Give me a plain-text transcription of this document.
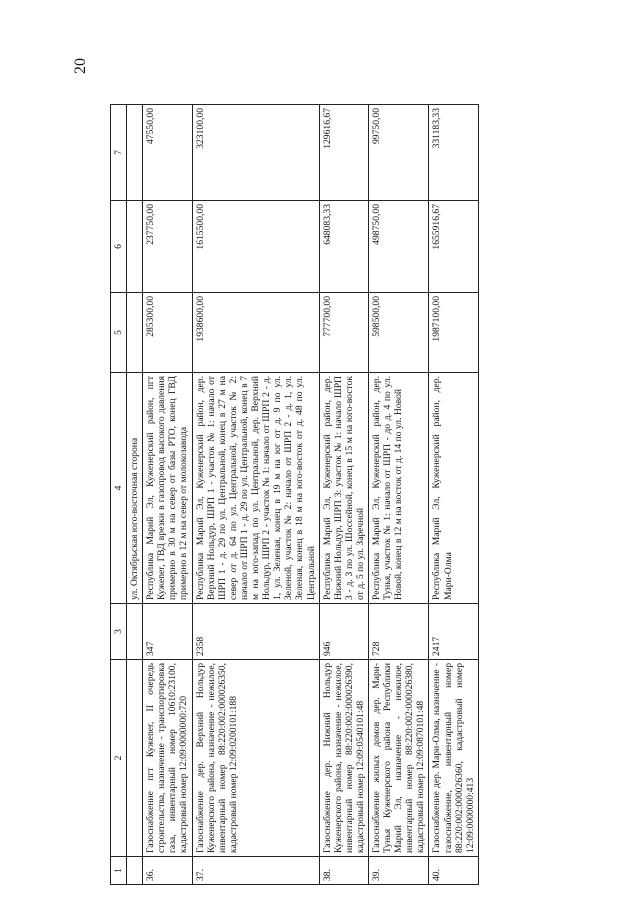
20
1	2	3	4	5	6	7
			ул. Октябрьская юго-восточная сторона			
36.	Газоснабжение пгт Кужener, II очередь строительства, назначение - транспортировка газа, инвентарный номер 10610:23100, кадастровый номер 12:09:0000000:720	347	Республика Марий Эл, Куженерский район, пгт Кужener, ГВД врезки в газопровод высокого давления примерно в 30 м на север от базы РТО, конец ГВД примерно в 12 м на север от молокозавода	285300,00	237750,00	47550,00
37.	Газоснабжение дер. Верхний Нольдур Куженерского района, назначение - нежилое, инвентарный номер 88:220:002:000026350, кадастровый номер 12:09:0200101:188	2358	Республика Марий Эл, Куженерский район, дер. Верхний Нольдур, ШРП 1 - участок № 1: начало от ШРП 1 - д. 29 по ул. Центральной, конец в 27 м на север от д. 64 по ул. Центральной, участок № 2: начало от ШРП 1 - д. 29 по ул. Центральной, конец в 7 м на юго-запад по ул. Центральной, дер. Верхний Нольдур, ШРП 2 - участок № 1: начало от ШРП 2 - д. 1, ул. Зеленая, конец в 19 м на юг от д. 9 по ул. Зеленой, участок № 2: начало от ШРП 2 - д. 1, ул. Зеленая, конец в 18 м на юго-восток от д. 48 по ул. Центральной	1938600,00	1615500,00	323100,00
38.	Газоснабжение дер. Нижний Нольдур Куженерского района, назначение - нежилое, инвентарный номер 88:220:002:000026390, кадастровый номер 12:09:0540101:48	946	Республика Марий Эл, Куженерский район, дер. Нижний Нольдур, ШРП 3: участок № 1: начало ШРП 3 - д. 3 по ул. Шоссейной, конец в 15 м на юго-восток от д. 5 по ул. Заречной	777700,00	648083,33	129616,67
39.	Газоснабжение жилых домов дер. Мари-Тунья Куженерского района Республики Марий Эл, назначение - нежилое, инвентарный номер 88:220:002:000026380, кадастровый номер 12:09:0870101:48	728	Республика Марий Эл, Куженерский район, дер. Тунья, участок № 1: начало от ШРП - до д. 4 по ул. Новой, конец в 12 м на восток от д. 14 по ул. Новой	598500,00	498750,00	99750,00
40.	Газоснабжение дер. Мари-Олма, назначение - газоснабжение, инвентарный номер 88:220:002:000026360, кадастровый номер 12:09:0000000:413	2417	Республика Марий Эл, Куженерский район, дер. Мари-Олма	1987100,00	1655916,67	331183,33
